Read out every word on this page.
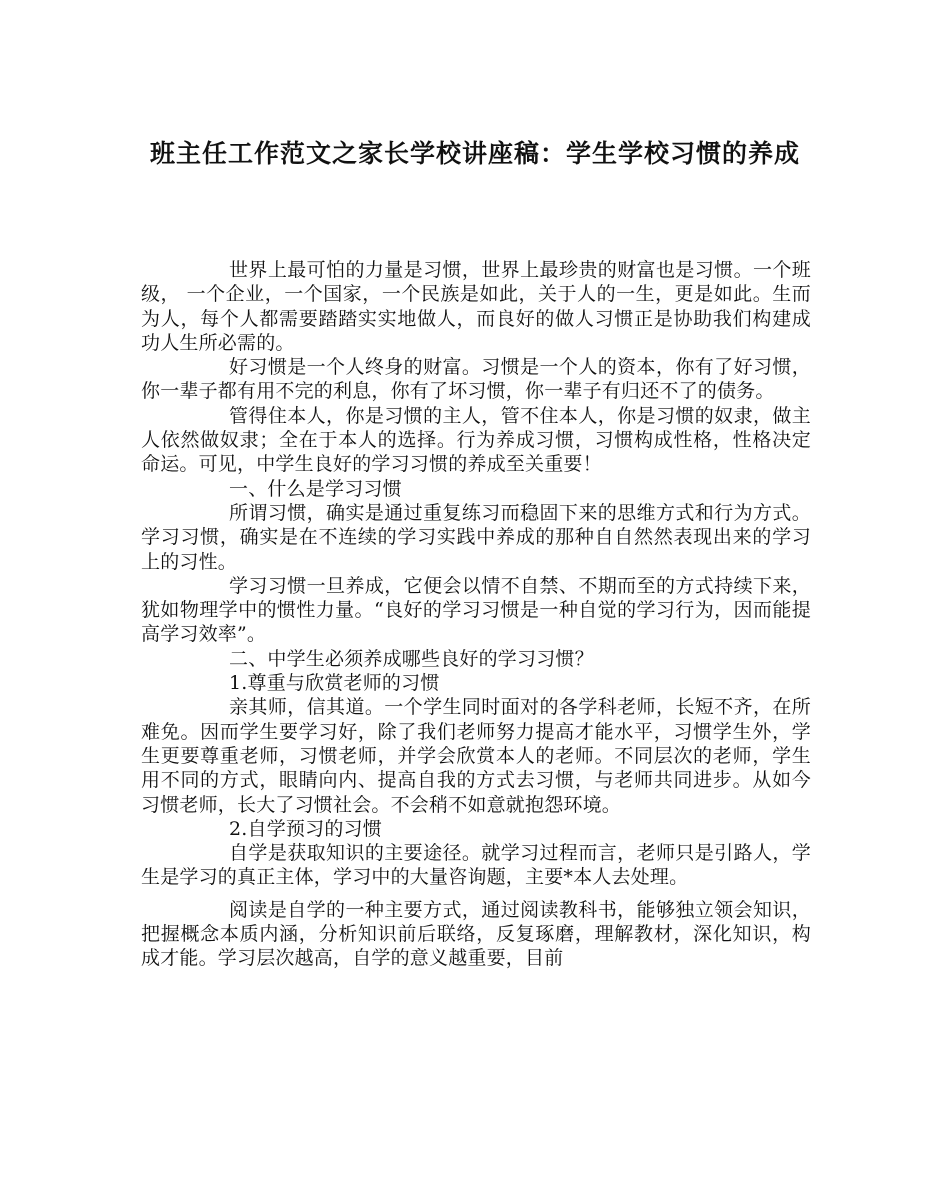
班主任工作范文之家长学校讲座稿：学生学校习惯的养成

世界上最可怕的力量是习惯，世界上最珍贵的财富也是习惯。一个班级， 一个企业，一个国家，一个民族是如此，关于人的一生，更是如此。生而为人，每个人都需要踏踏实实地做人，而良好的做人习惯正是协助我们构建成功人生所必需的。

好习惯是一个人终身的财富。习惯是一个人的资本，你有了好习惯，你一辈子都有用不完的利息，你有了坏习惯，你一辈子有归还不了的债务。

管得住本人，你是习惯的主人，管不住本人，你是习惯的奴隶，做主人依然做奴隶；全在于本人的选择。行为养成习惯，习惯构成性格，性格决定命运。可见，中学生良好的学习习惯的养成至关重要！

一、什么是学习习惯

所谓习惯，确实是通过重复练习而稳固下来的思维方式和行为方式。学习习惯，确实是在不连续的学习实践中养成的那种自自然然表现出来的学习上的习性。

学习习惯一旦养成，它便会以情不自禁、不期而至的方式持续下来，犹如物理学中的惯性力量。“良好的学习习惯是一种自觉的学习行为，因而能提高学习效率”。

二、中学生必须养成哪些良好的学习习惯？

1.尊重与欣赏老师的习惯

亲其师，信其道。一个学生同时面对的各学科老师，长短不齐，在所难免。因而学生要学习好，除了我们老师努力提高才能水平，习惯学生外，学生更要尊重老师，习惯老师，并学会欣赏本人的老师。不同层次的老师，学生用不同的方式，眼睛向内、提高自我的方式去习惯，与老师共同进步。从如今习惯老师，长大了习惯社会。不会稍不如意就抱怨环境。

2.自学预习的习惯

自学是获取知识的主要途径。就学习过程而言，老师只是引路人，学生是学习的真正主体，学习中的大量咨询题，主要*本人去处理。

阅读是自学的一种主要方式，通过阅读教科书，能够独立领会知识，把握概念本质内涵，分析知识前后联络，反复琢磨，理解教材，深化知识，构成才能。学习层次越高，自学的意义越重要，目前
